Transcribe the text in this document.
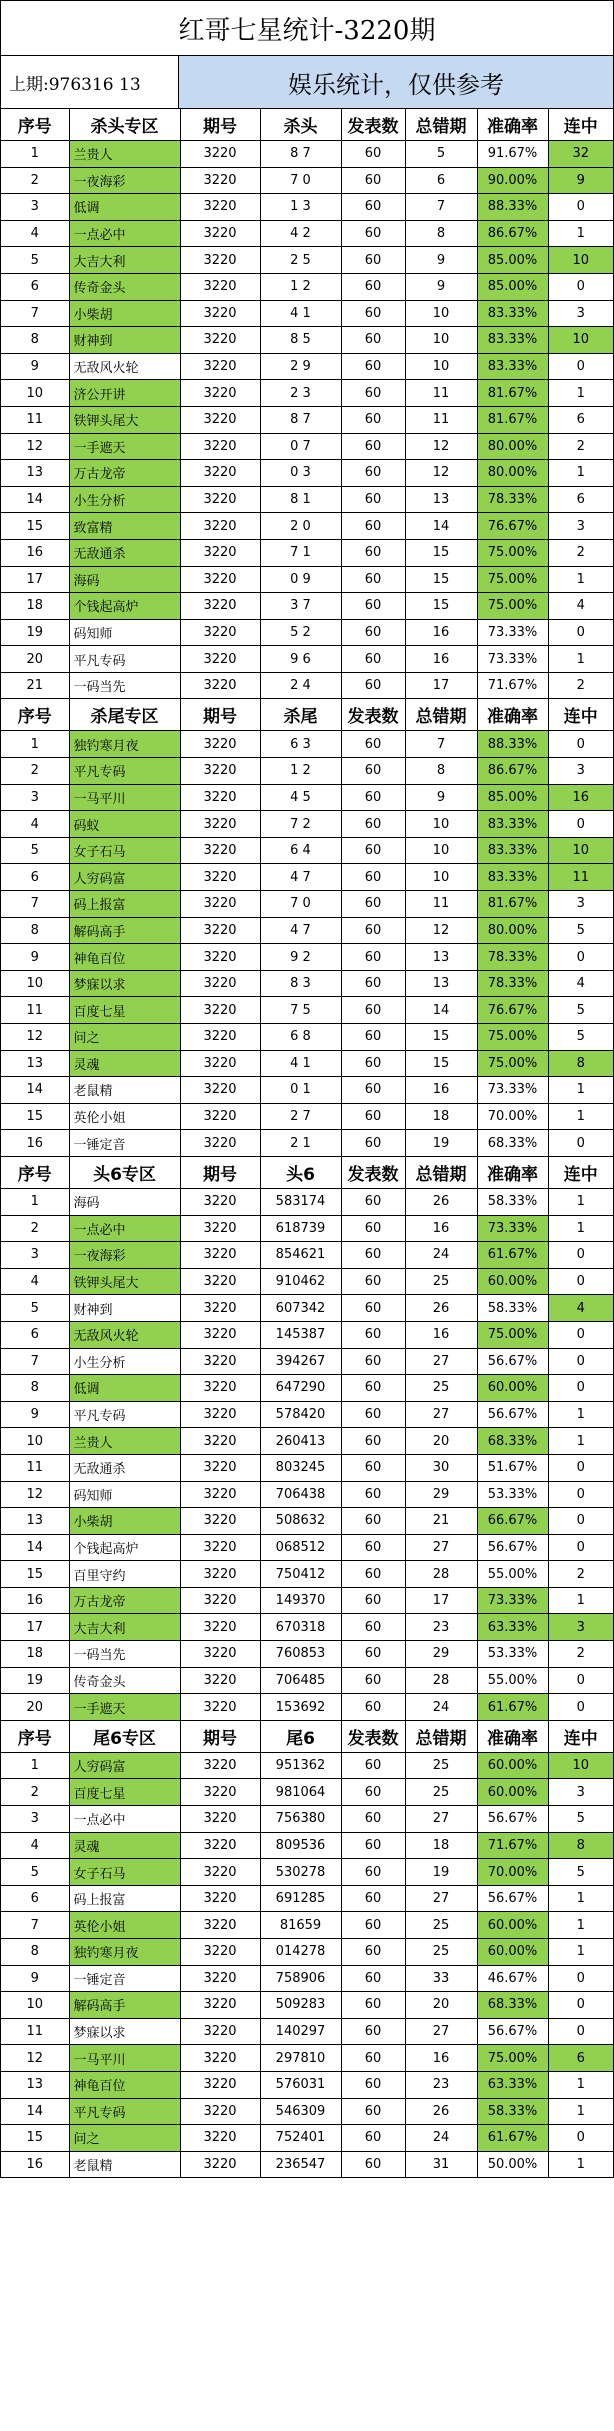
红哥七星统计-3220期
上期:976316 13	娱乐统计，仅供参考
序号	杀头专区	期号	杀头	发表数	总错期	准确率	连中
1	兰贵人	3220	8 7	60	5	91.67%	32
2	一夜海彩	3220	7 0	60	6	90.00%	9
3	低调	3220	1 3	60	7	88.33%	0
4	一点必中	3220	4 2	60	8	86.67%	1
5	大吉大利	3220	2 5	60	9	85.00%	10
6	传奇金头	3220	1 2	60	9	85.00%	0
7	小柴胡	3220	4 1	60	10	83.33%	3
8	财神到	3220	8 5	60	10	83.33%	10
9	无敌风火轮	3220	2 9	60	10	83.33%	0
10	济公开讲	3220	2 3	60	11	81.67%	1
11	铁钾头尾大	3220	8 7	60	11	81.67%	6
12	一手遮天	3220	0 7	60	12	80.00%	2
13	万古龙帝	3220	0 3	60	12	80.00%	1
14	小生分析	3220	8 1	60	13	78.33%	6
15	致富精	3220	2 0	60	14	76.67%	3
16	无敌通杀	3220	7 1	60	15	75.00%	2
17	海码	3220	0 9	60	15	75.00%	1
18	个钱起高炉	3220	3 7	60	15	75.00%	4
19	码知师	3220	5 2	60	16	73.33%	0
20	平凡专码	3220	9 6	60	16	73.33%	1
21	一码当先	3220	2 4	60	17	71.67%	2
序号	杀尾专区	期号	杀尾	发表数	总错期	准确率	连中
1	独钓寒月夜	3220	6 3	60	7	88.33%	0
2	平凡专码	3220	1 2	60	8	86.67%	3
3	一马平川	3220	4 5	60	9	85.00%	16
4	码蚁	3220	7 2	60	10	83.33%	0
5	女子石马	3220	6 4	60	10	83.33%	10
6	人穷码富	3220	4 7	60	10	83.33%	11
7	码上报富	3220	7 0	60	11	81.67%	3
8	解码高手	3220	4 7	60	12	80.00%	5
9	神龟百位	3220	9 2	60	13	78.33%	0
10	梦寐以求	3220	8 3	60	13	78.33%	4
11	百度七星	3220	7 5	60	14	76.67%	5
12	问之	3220	6 8	60	15	75.00%	5
13	灵魂	3220	4 1	60	15	75.00%	8
14	老鼠精	3220	0 1	60	16	73.33%	1
15	英伦小姐	3220	2 7	60	18	70.00%	1
16	一锤定音	3220	2 1	60	19	68.33%	0
序号	头6专区	期号	头6	发表数	总错期	准确率	连中
1	海码	3220	583174	60	26	58.33%	1
2	一点必中	3220	618739	60	16	73.33%	1
3	一夜海彩	3220	854621	60	24	61.67%	0
4	铁钾头尾大	3220	910462	60	25	60.00%	0
5	财神到	3220	607342	60	26	58.33%	4
6	无敌风火轮	3220	145387	60	16	75.00%	0
7	小生分析	3220	394267	60	27	56.67%	0
8	低调	3220	647290	60	25	60.00%	0
9	平凡专码	3220	578420	60	27	56.67%	1
10	兰贵人	3220	260413	60	20	68.33%	1
11	无敌通杀	3220	803245	60	30	51.67%	0
12	码知师	3220	706438	60	29	53.33%	0
13	小柴胡	3220	508632	60	21	66.67%	0
14	个钱起高炉	3220	068512	60	27	56.67%	0
15	百里守约	3220	750412	60	28	55.00%	2
16	万古龙帝	3220	149370	60	17	73.33%	1
17	大吉大利	3220	670318	60	23	63.33%	3
18	一码当先	3220	760853	60	29	53.33%	2
19	传奇金头	3220	706485	60	28	55.00%	0
20	一手遮天	3220	153692	60	24	61.67%	0
序号	尾6专区	期号	尾6	发表数	总错期	准确率	连中
1	人穷码富	3220	951362	60	25	60.00%	10
2	百度七星	3220	981064	60	25	60.00%	3
3	一点必中	3220	756380	60	27	56.67%	5
4	灵魂	3220	809536	60	18	71.67%	8
5	女子石马	3220	530278	60	19	70.00%	5
6	码上报富	3220	691285	60	27	56.67%	1
7	英伦小姐	3220	81659	60	25	60.00%	1
8	独钓寒月夜	3220	014278	60	25	60.00%	1
9	一锤定音	3220	758906	60	33	46.67%	0
10	解码高手	3220	509283	60	20	68.33%	0
11	梦寐以求	3220	140297	60	27	56.67%	0
12	一马平川	3220	297810	60	16	75.00%	6
13	神龟百位	3220	576031	60	23	63.33%	1
14	平凡专码	3220	546309	60	26	58.33%	1
15	问之	3220	752401	60	24	61.67%	0
16	老鼠精	3220	236547	60	31	50.00%	1
